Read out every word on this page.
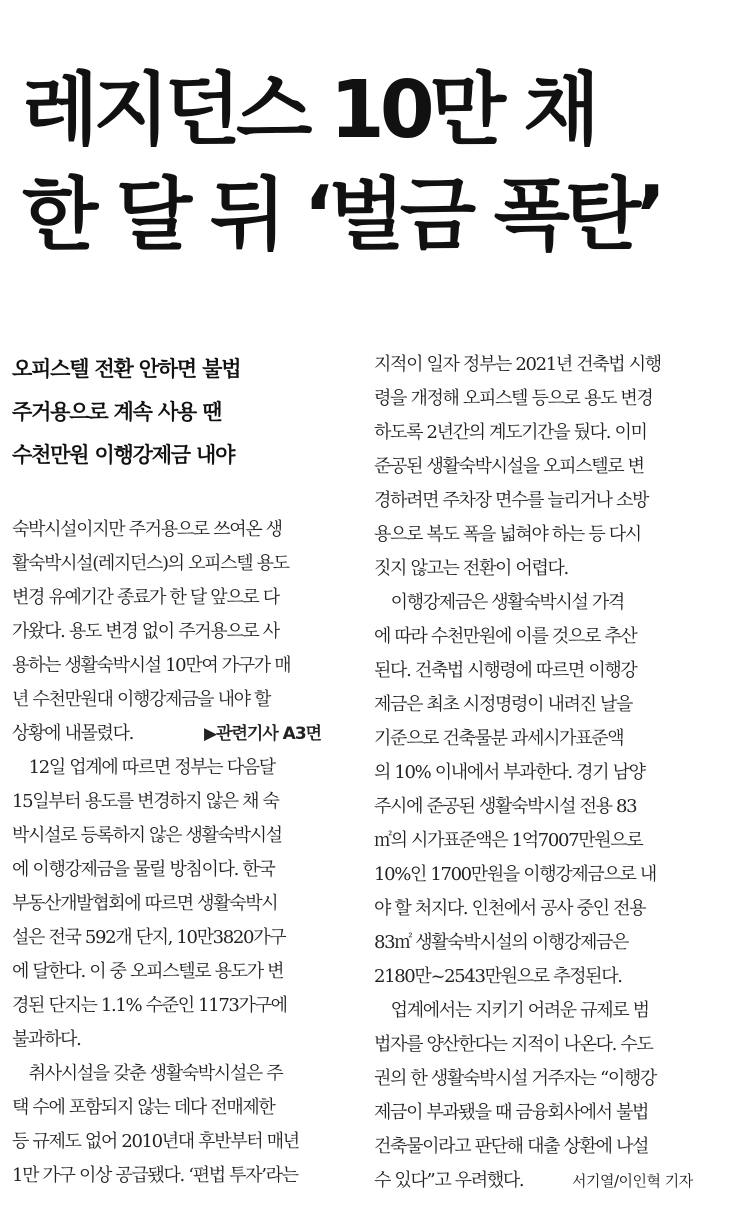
레지던스 10만 채
한 달 뒤 ‘벌금 폭탄’
오피스텔 전환 안하면 불법
주거용으로 계속 사용 땐
수천만원 이행강제금 내야
숙박시설이지만 주거용으로 쓰여온 생
활숙박시설(레지던스)의 오피스텔 용도
변경 유예기간 종료가 한 달 앞으로 다
가왔다. 용도 변경 없이 주거용으로 사
용하는 생활숙박시설 10만여 가구가 매
년 수천만원대 이행강제금을 내야 할
상황에 내몰렸다.	▶관련기사 A3면
　12일 업계에 따르면 정부는 다음달
15일부터 용도를 변경하지 않은 채 숙
박시설로 등록하지 않은 생활숙박시설
에 이행강제금을 물릴 방침이다. 한국
부동산개발협회에 따르면 생활숙박시
설은 전국 592개 단지, 10만3820가구
에 달한다. 이 중 오피스텔로 용도가 변
경된 단지는 1.1% 수준인 1173가구에
불과하다.
　취사시설을 갖춘 생활숙박시설은 주
택 수에 포함되지 않는 데다 전매제한
등 규제도 없어 2010년대 후반부터 매년
1만 가구 이상 공급됐다. ‘편법 투자’라는
지적이 일자 정부는 2021년 건축법 시행
령을 개정해 오피스텔 등으로 용도 변경
하도록 2년간의 계도기간을 뒀다. 이미
준공된 생활숙박시설을 오피스텔로 변
경하려면 주차장 면수를 늘리거나 소방
용으로 복도 폭을 넓혀야 하는 등 다시
짓지 않고는 전환이 어렵다.
　이행강제금은 생활숙박시설 가격
에 따라 수천만원에 이를 것으로 추산
된다. 건축법 시행령에 따르면 이행강
제금은 최초 시정명령이 내려진 날을
기준으로 건축물분 과세시가표준액
의 10% 이내에서 부과한다. 경기 남양
주시에 준공된 생활숙박시설 전용 83
㎡의 시가표준액은 1억7007만원으로
10%인 1700만원을 이행강제금으로 내
야 할 처지다. 인천에서 공사 중인 전용
83㎡ 생활숙박시설의 이행강제금은
2180만~2543만원으로 추정된다.
　업계에서는 지키기 어려운 규제로 범
법자를 양산한다는 지적이 나온다. 수도
권의 한 생활숙박시설 거주자는 “이행강
제금이 부과됐을 때 금융회사에서 불법
건축물이라고 판단해 대출 상환에 나설
수 있다”고 우려했다.	서기열/이인혁 기자
